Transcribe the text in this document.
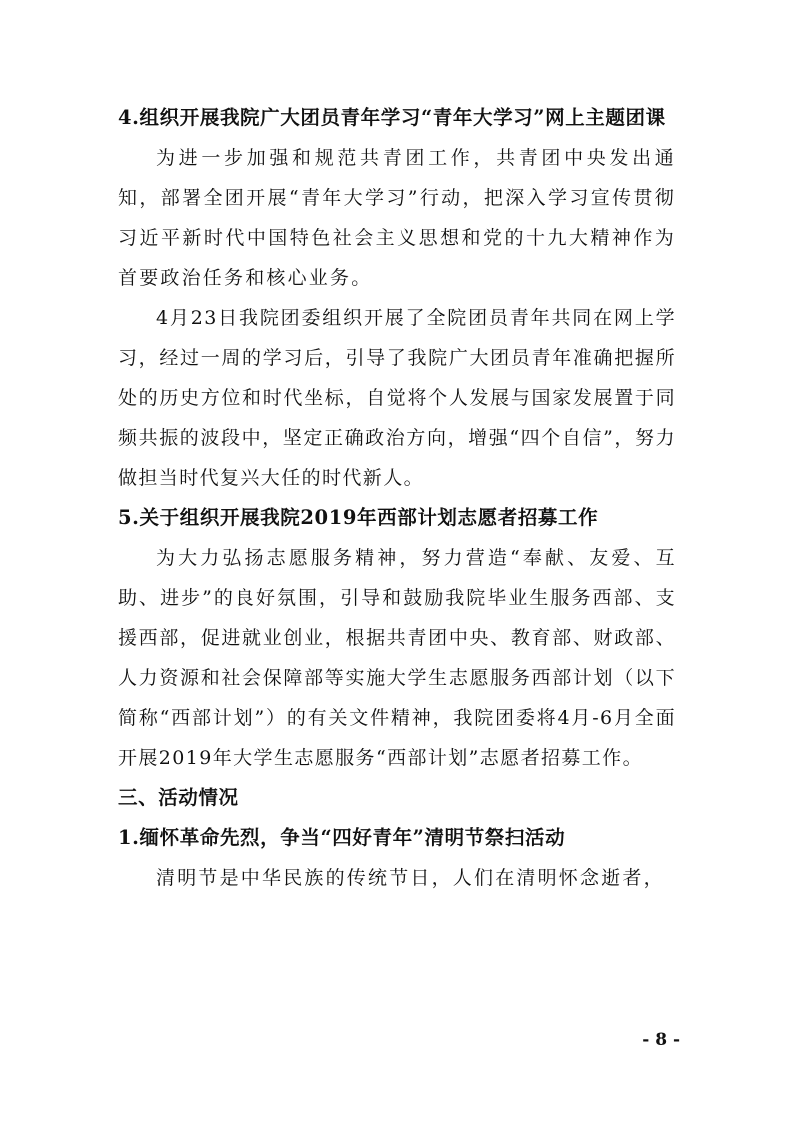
4.组织开展我院广大团员青年学习“青年大学习”网上主题团课

为进一步加强和规范共青团工作，共青团中央发出通知，部署全团开展“青年大学习”行动，把深入学习宣传贯彻习近平新时代中国特色社会主义思想和党的十九大精神作为首要政治任务和核心业务。

4月23日我院团委组织开展了全院团员青年共同在网上学习，经过一周的学习后，引导了我院广大团员青年准确把握所处的历史方位和时代坐标，自觉将个人发展与国家发展置于同频共振的波段中，坚定正确政治方向，增强“四个自信”，努力做担当时代复兴大任的时代新人。

5.关于组织开展我院2019年西部计划志愿者招募工作

为大力弘扬志愿服务精神，努力营造“奉献、友爱、互助、进步”的良好氛围，引导和鼓励我院毕业生服务西部、支援西部，促进就业创业，根据共青团中央、教育部、财政部、人力资源和社会保障部等实施大学生志愿服务西部计划（以下简称“西部计划”）的有关文件精神，我院团委将4月-6月全面开展2019年大学生志愿服务“西部计划”志愿者招募工作。

三、活动情况
1.缅怀革命先烈，争当“四好青年”清明节祭扫活动

清明节是中华民族的传统节日，人们在清明怀念逝者，

- 8 -
